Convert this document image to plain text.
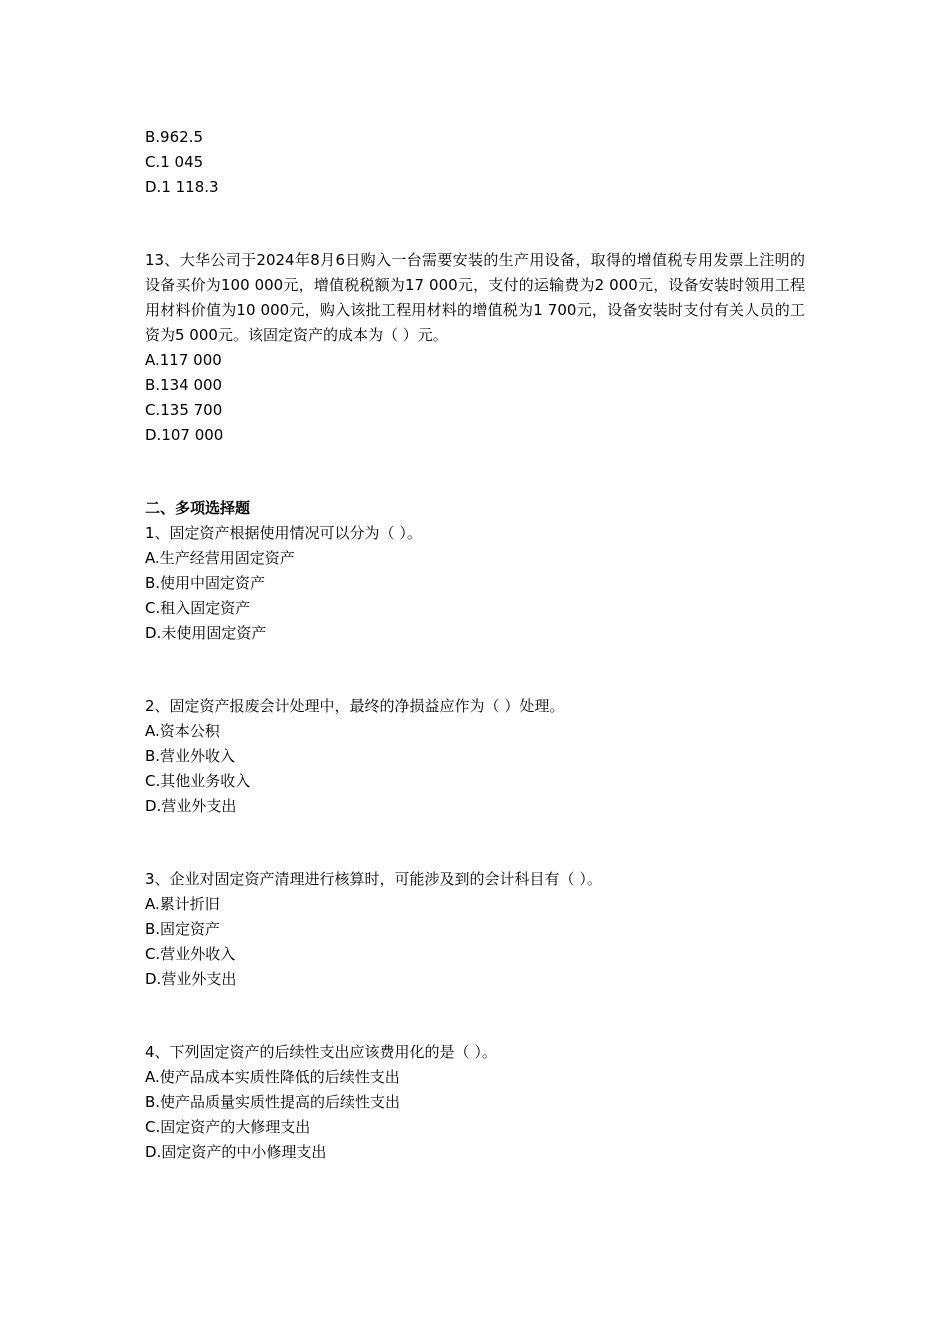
B.962.5
C.1 045
D.1 118.3

13、大华公司于2024年8月6日购入一台需要安装的生产用设备，取得的增值税专用发票上注明的设备买价为100 000元，增值税税额为17 000元，支付的运输费为2 000元，设备安装时领用工程用材料价值为10 000元，购入该批工程用材料的增值税为1 700元，设备安装时支付有关人员的工资为5 000元。该固定资产的成本为（ ）元。

A.117 000
B.134 000
C.135 700
D.107 000
二、多项选择题
1、固定资产根据使用情况可以分为（ ）。
A.生产经营用固定资产
B.使用中固定资产
C.租入固定资产
D.未使用固定资产
2、固定资产报废会计处理中，最终的净损益应作为（ ）处理。
A.资本公积
B.营业外收入
C.其他业务收入
D.营业外支出
3、企业对固定资产清理进行核算时，可能涉及到的会计科目有（ ）。
A.累计折旧
B.固定资产
C.营业外收入
D.营业外支出
4、下列固定资产的后续性支出应该费用化的是（ ）。
A.使产品成本实质性降低的后续性支出
B.使产品质量实质性提高的后续性支出
C.固定资产的大修理支出
D.固定资产的中小修理支出
